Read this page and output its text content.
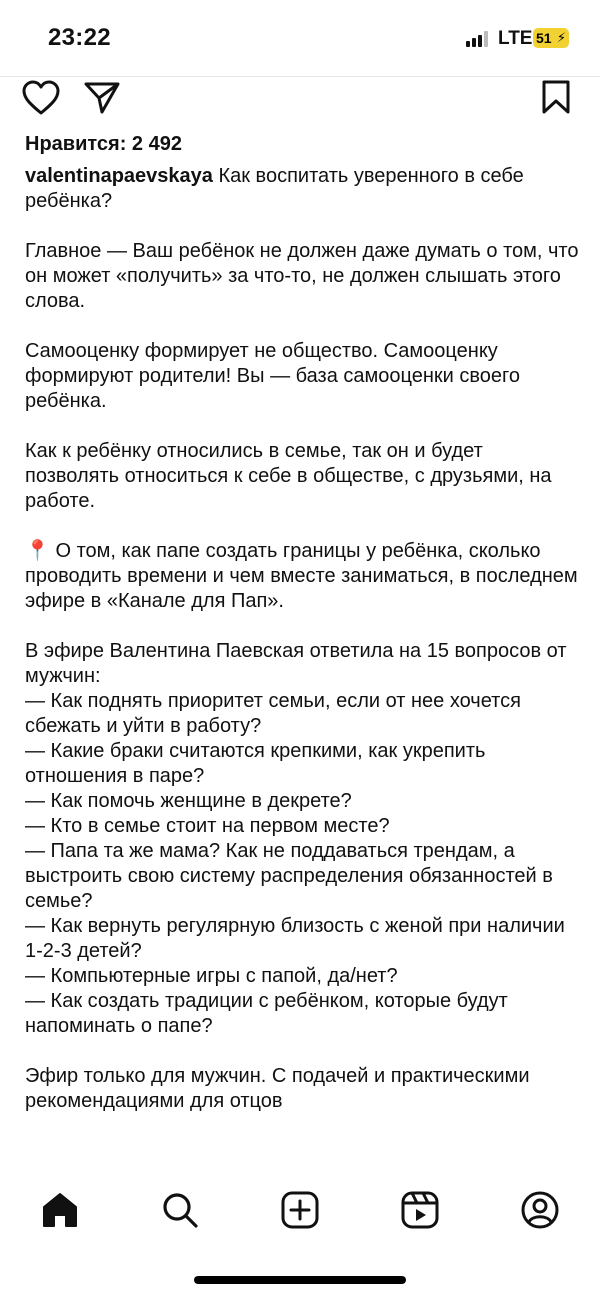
23:22	LTE 51 ⚡
Нравится: 2 492
valentinapaevskaya Как воспитать уверенного в себе ребёнка?

Главное — Ваш ребёнок не должен даже думать о том, что он может «получить» за что-то, не должен слышать этого слова.

Самооценку формирует не общество. Самооценку формируют родители! Вы — база самооценки своего ребёнка.

Как к ребёнку относились в семье, так он и будет позволять относиться к себе в обществе, с друзьями, на работе.

📍 О том, как папе создать границы у ребёнка, сколько проводить времени и чем вместе заниматься, в последнем эфире в «Канале для Пап».

В эфире Валентина Паевская ответила на 15 вопросов от мужчин:
— Как поднять приоритет семьи, если от нее хочется сбежать и уйти в работу?
— Какие браки считаются крепкими, как укрепить отношения в паре?
— Как помочь женщине в декрете?
— Кто в семье стоит на первом месте?
— Папа та же мама? Как не поддаваться трендам, а выстроить свою систему распределения обязанностей в семье?
— Как вернуть регулярную близость с женой при наличии 1-2-3 детей?
— Компьютерные игры с папой, да/нет?
— Как создать традиции с ребёнком, которые будут напоминать о папе?

Эфир только для мужчин. С подачей и практическими рекомендациями для отцов
